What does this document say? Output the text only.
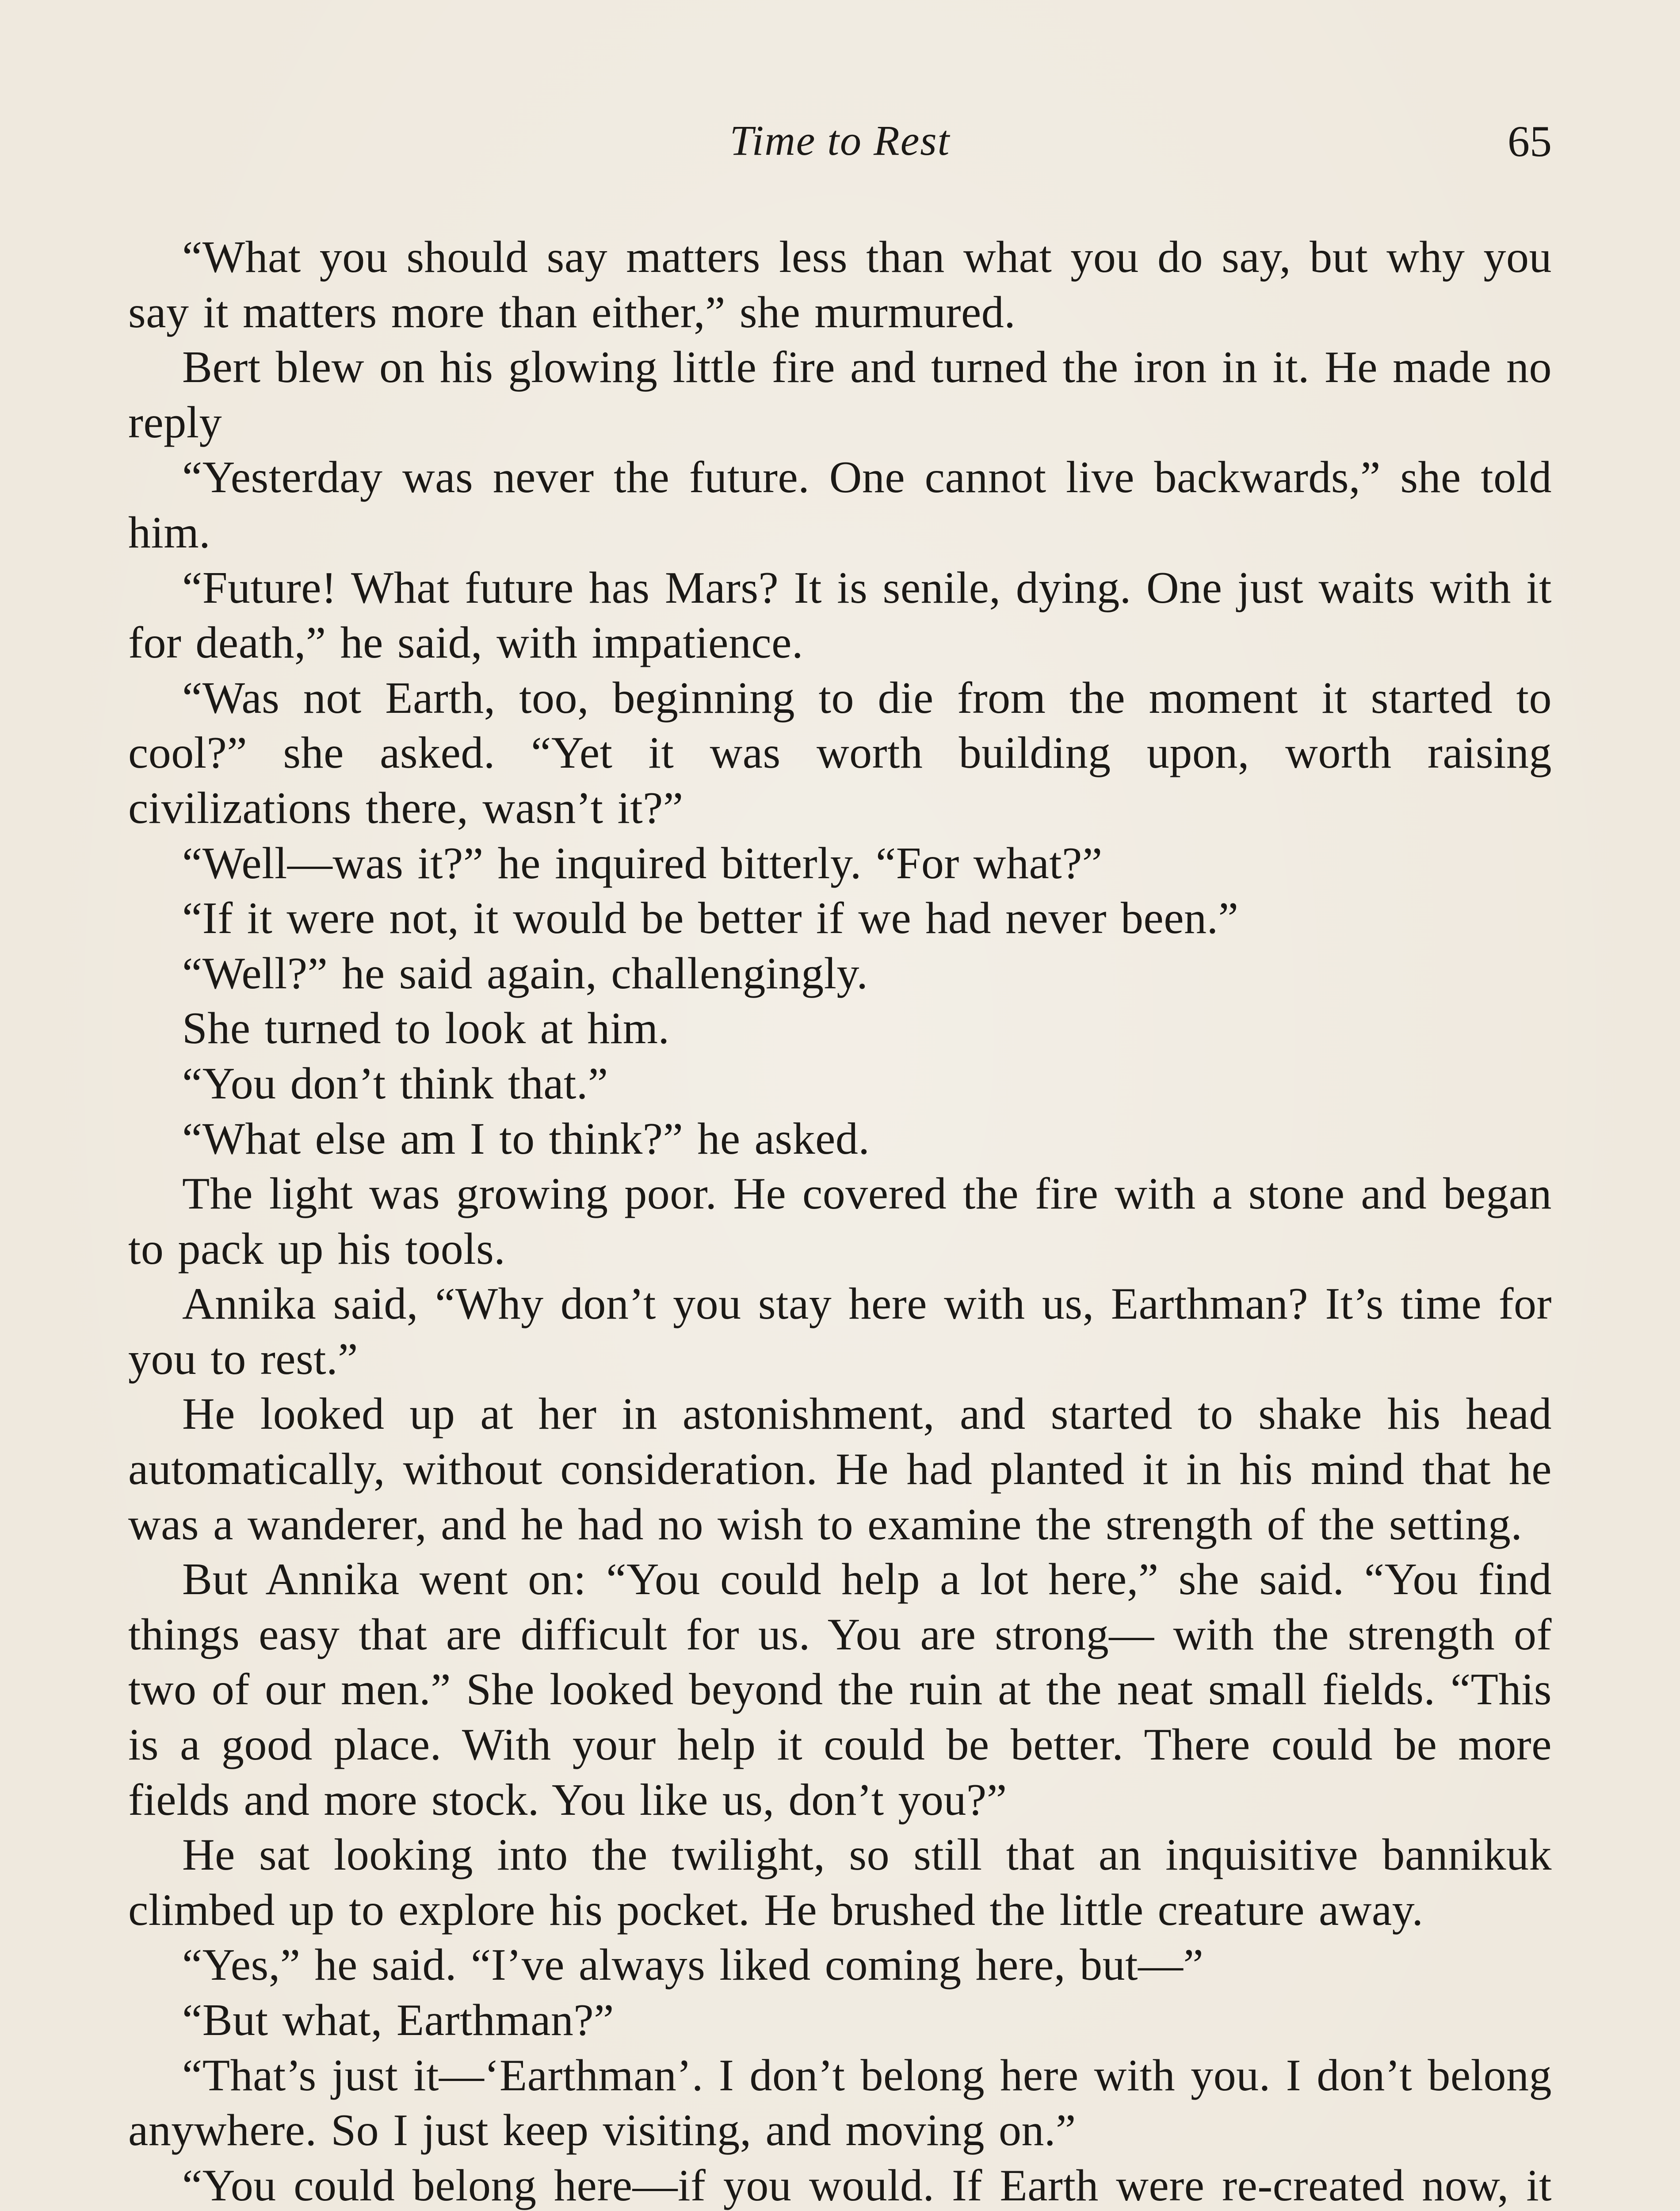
Time to Rest	65

“What you should say matters less than what you do say, but why you say it matters more than either,” she murmured.

Bert blew on his glowing little fire and turned the iron in it. He made no reply

“Yesterday was never the future. One cannot live backwards,” she told him.

“Future! What future has Mars? It is senile, dying. One just waits with it for death,” he said, with impatience.

“Was not Earth, too, beginning to die from the moment it started to cool?” she asked. “Yet it was worth building upon, worth raising civilizations there, wasn’t it?”

“Well—was it?” he inquired bitterly. “For what?”

“If it were not, it would be better if we had never been.”

“Well?” he said again, challengingly.

She turned to look at him.

“You don’t think that.”

“What else am I to think?” he asked.

The light was growing poor. He covered the fire with a stone and began to pack up his tools.

Annika said, “Why don’t you stay here with us, Earthman? It’s time for you to rest.”

He looked up at her in astonishment, and started to shake his head automatically, without consideration. He had planted it in his mind that he was a wanderer, and he had no wish to examine the strength of the setting.

But Annika went on: “You could help a lot here,” she said. “You find things easy that are difficult for us. You are strong— with the strength of two of our men.” She looked beyond the ruin at the neat small fields. “This is a good place. With your help it could be better. There could be more fields and more stock. You like us, don’t you?”

He sat looking into the twilight, so still that an inquisitive bannikuk climbed up to explore his pocket. He brushed the little creature away.

“Yes,” he said. “I’ve always liked coming here, but—”

“But what, Earthman?”

“That’s just it—‘Earthman’. I don’t belong here with you. I don’t belong anywhere. So I just keep visiting, and moving on.”

“You could belong here—if you would. If Earth were re-created now, it
